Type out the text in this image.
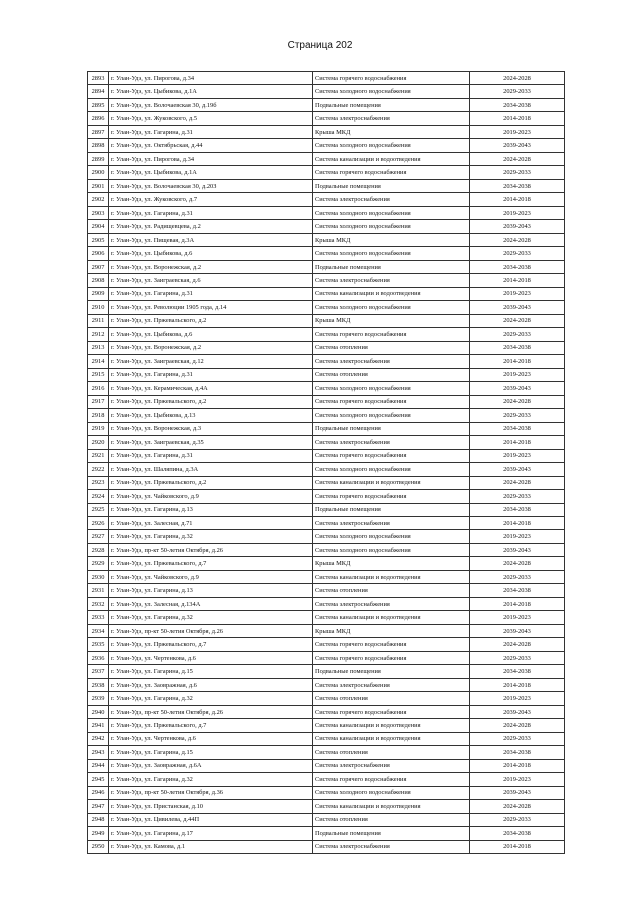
Страница 202
2893	г. Улан-Удэ, ул. Пирогова, д.34	Система горячего водоснабжения	2024-2028
2894	г. Улан-Удэ, ул. Цыбикова, д.1А	Система холодного водоснабжения	2029-2033
2895	г. Улан-Удэ, ул. Волочаевская 30, д.19б	Подвальные помещения	2034-2038
2896	г. Улан-Удэ, ул. Жуковского, д.5	Система электроснабжения	2014-2018
2897	г. Улан-Удэ, ул. Гагарина, д.31	Крыша МКД	2019-2023
2898	г. Улан-Удэ, ул. Октябрьская, д.44	Система холодного водоснабжения	2039-2043
2899	г. Улан-Удэ, ул. Пирогова, д.34	Система канализации и водоотведения	2024-2028
2900	г. Улан-Удэ, ул. Цыбикова, д.1А	Система горячего водоснабжения	2029-2033
2901	г. Улан-Удэ, ул. Волочаевская 30, д.20З	Подвальные помещения	2034-2038
2902	г. Улан-Удэ, ул. Жуковского, д.7	Система электроснабжения	2014-2018
2903	г. Улан-Удэ, ул. Гагарина, д.31	Система холодного водоснабжения	2019-2023
2904	г. Улан-Удэ, ул. Радищевцева, д.2	Система холодного водоснабжения	2039-2043
2905	г. Улан-Удэ, ул. Пищевая, д.3А	Крыша МКД	2024-2028
2906	г. Улан-Удэ, ул. Цыбикова, д.6	Система холодного водоснабжения	2029-2033
2907	г. Улан-Удэ, ул. Воронежская, д.2	Подвальные помещения	2034-2038
2908	г. Улан-Удэ, ул. Заиграевская, д.6	Система электроснабжения	2014-2018
2909	г. Улан-Удэ, ул. Гагарина, д.31	Система канализации и водоотведения	2019-2023
2910	г. Улан-Удэ, ул. Революции 1905 года, д.14	Система холодного водоснабжения	2039-2043
2911	г. Улан-Удэ, ул. Пржевальского, д.2	Крыша МКД	2024-2028
2912	г. Улан-Удэ, ул. Цыбикова, д.6	Система горячего водоснабжения	2029-2033
2913	г. Улан-Удэ, ул. Воронежская, д.2	Система отопления	2034-2038
2914	г. Улан-Удэ, ул. Заиграевская, д.12	Система электроснабжения	2014-2018
2915	г. Улан-Удэ, ул. Гагарина, д.31	Система отопления	2019-2023
2916	г. Улан-Удэ, ул. Керамическая, д.4А	Система холодного водоснабжения	2039-2043
2917	г. Улан-Удэ, ул. Пржевальского, д.2	Система горячего водоснабжения	2024-2028
2918	г. Улан-Удэ, ул. Цыбикова, д.13	Система холодного водоснабжения	2029-2033
2919	г. Улан-Удэ, ул. Воронежская, д.3	Подвальные помещения	2034-2038
2920	г. Улан-Удэ, ул. Заиграевская, д.35	Система электроснабжения	2014-2018
2921	г. Улан-Удэ, ул. Гагарина, д.31	Система горячего водоснабжения	2019-2023
2922	г. Улан-Удэ, ул. Шаляпина, д.3А	Система холодного водоснабжения	2039-2043
2923	г. Улан-Удэ, ул. Пржевальского, д.2	Система канализации и водоотведения	2024-2028
2924	г. Улан-Удэ, ул. Чайковского, д.9	Система горячего водоснабжения	2029-2033
2925	г. Улан-Удэ, ул. Гагарина, д.13	Подвальные помещения	2034-2038
2926	г. Улан-Удэ, ул. Залесная, д.71	Система электроснабжения	2014-2018
2927	г. Улан-Удэ, ул. Гагарина, д.32	Система холодного водоснабжения	2019-2023
2928	г. Улан-Удэ, пр-кт 50-летия Октября, д.26	Система холодного водоснабжения	2039-2043
2929	г. Улан-Удэ, ул. Пржевальского, д.7	Крыша МКД	2024-2028
2930	г. Улан-Удэ, ул. Чайковского, д.9	Система канализации и водоотведения	2029-2033
2931	г. Улан-Удэ, ул. Гагарина, д.13	Система отопления	2034-2038
2932	г. Улан-Удэ, ул. Залесная, д.134А	Система электроснабжения	2014-2018
2933	г. Улан-Удэ, ул. Гагарина, д.32	Система канализации и водоотведения	2019-2023
2934	г. Улан-Удэ, пр-кт 50-летия Октября, д.26	Крыша МКД	2039-2043
2935	г. Улан-Удэ, ул. Пржевальского, д.7	Система горячего водоснабжения	2024-2028
2936	г. Улан-Удэ, ул. Чертенкова, д.6	Система горячего водоснабжения	2029-2033
2937	г. Улан-Удэ, ул. Гагарина, д.15	Подвальные помещения	2034-2038
2938	г. Улан-Удэ, ул. Заовражная, д.6	Система электроснабжения	2014-2018
2939	г. Улан-Удэ, ул. Гагарина, д.32	Система отопления	2019-2023
2940	г. Улан-Удэ, пр-кт 50-летия Октября, д.26	Система горячего водоснабжения	2039-2043
2941	г. Улан-Удэ, ул. Пржевальского, д.7	Система канализации и водоотведения	2024-2028
2942	г. Улан-Удэ, ул. Чертенкова, д.6	Система канализации и водоотведения	2029-2033
2943	г. Улан-Удэ, ул. Гагарина, д.15	Система отопления	2034-2038
2944	г. Улан-Удэ, ул. Заовражная, д.6А	Система электроснабжения	2014-2018
2945	г. Улан-Удэ, ул. Гагарина, д.32	Система горячего водоснабжения	2019-2023
2946	г. Улан-Удэ, пр-кт 50-летия Октября, д.36	Система холодного водоснабжения	2039-2043
2947	г. Улан-Удэ, ул. Пристанская, д.10	Система канализации и водоотведения	2024-2028
2948	г. Улан-Удэ, ул. Цивилева, д.44П	Система отопления	2029-2033
2949	г. Улан-Удэ, ул. Гагарина, д.17	Подвальные помещения	2034-2038
2950	г. Улан-Удэ, ул. Камова, д.1	Система электроснабжения	2014-2018
